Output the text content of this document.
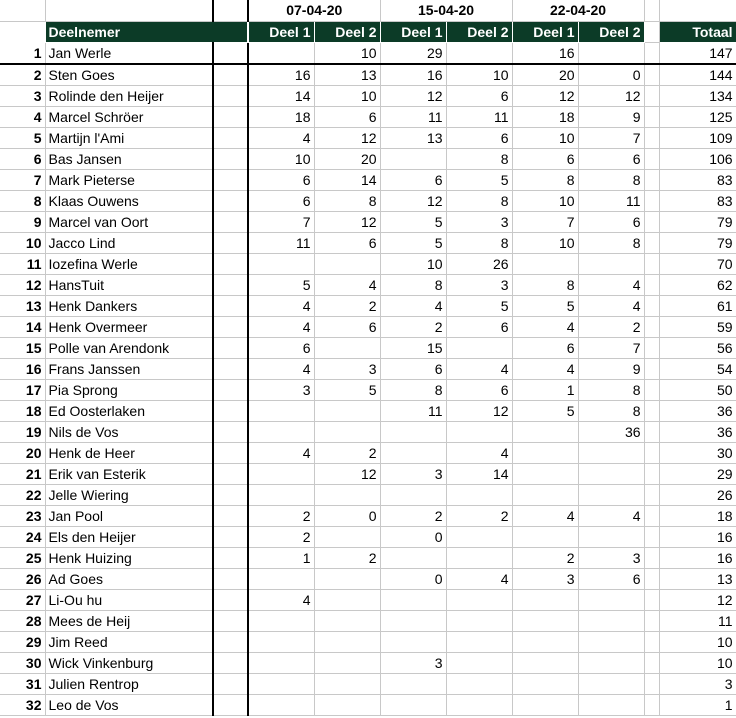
			07-04-20		15-04-20		22-04-20			
	Deelnemer		Deel 1	Deel 2	Deel 1	Deel 2	Deel 1	Deel 2		Totaal
1	Jan Werle			10	29		16			147
2	Sten Goes		16	13	16	10	20	0		144
3	Rolinde den Heijer		14	10	12	6	12	12		134
4	Marcel Schröer		18	6	11	11	18	9		125
5	Martijn l'Ami		4	12	13	6	10	7		109
6	Bas Jansen		10	20		8	6	6		106
7	Mark Pieterse		6	14	6	5	8	8		83
8	Klaas Ouwens		6	8	12	8	10	11		83
9	Marcel van Oort		7	12	5	3	7	6		79
10	Jacco Lind		11	6	5	8	10	8		79
11	Iozefina Werle				10	26				70
12	HansTuit		5	4	8	3	8	4		62
13	Henk Dankers		4	2	4	5	5	4		61
14	Henk Overmeer		4	6	2	6	4	2		59
15	Polle van Arendonk		6		15		6	7		56
16	Frans Janssen		4	3	6	4	4	9		54
17	Pia Sprong		3	5	8	6	1	8		50
18	Ed Oosterlaken				11	12	5	8		36
19	Nils de Vos							36		36
20	Henk de Heer		4	2		4				30
21	Erik van Esterik			12	3	14				29
22	Jelle Wiering									26
23	Jan Pool		2	0	2	2	4	4		18
24	Els den Heijer		2		0					16
25	Henk Huizing		1	2			2	3		16
26	Ad Goes				0	4	3	6		13
27	Li-Ou hu		4							12
28	Mees de Heij									11
29	Jim Reed									10
30	Wick Vinkenburg				3					10
31	Julien Rentrop									3
32	Leo de Vos									1
